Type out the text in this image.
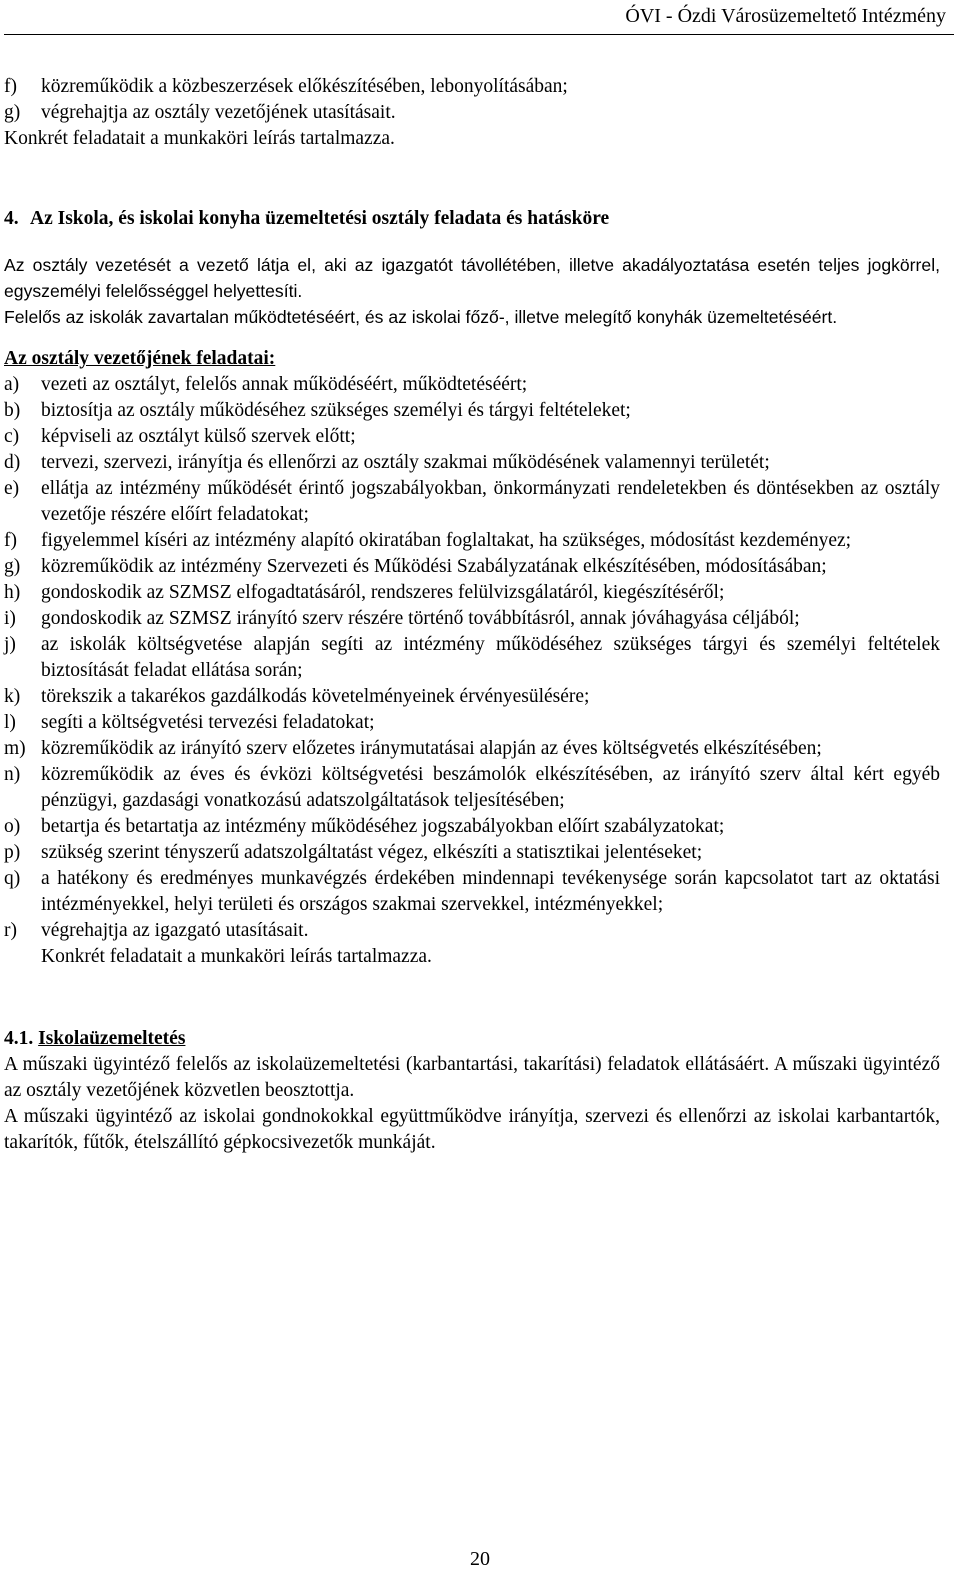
ÓVI - Ózdi Városüzemeltető Intézmény
f) közreműködik a közbeszerzések előkészítésében, lebonyolításában;
g) végrehajtja az osztály vezetőjének utasításait.
Konkrét feladatait a munkaköri leírás tartalmazza.
4. Az Iskola, és iskolai konyha üzemeltetési osztály feladata és hatásköre
Az osztály vezetését a vezető látja el, aki az igazgatót távollétében, illetve akadályoztatása esetén teljes jogkörrel, egyszemélyi felelősséggel helyettesíti.
Felelős az iskolák zavartalan működtetéséért, és az iskolai főző-, illetve melegítő konyhák üzemeltetéséért.
Az osztály vezetőjének feladatai:
a) vezeti az osztályt, felelős annak működéséért, működtetéséért;
b) biztosítja az osztály működéséhez szükséges személyi és tárgyi feltételeket;
c) képviseli az osztályt külső szervek előtt;
d) tervezi, szervezi, irányítja és ellenőrzi az osztály szakmai működésének valamennyi területét;
e) ellátja az intézmény működését érintő jogszabályokban, önkormányzati rendeletekben és döntésekben az osztály vezetője részére előírt feladatokat;
f) figyelemmel kíséri az intézmény alapító okiratában foglaltakat, ha szükséges, módosítást kezdeményez;
g) közreműködik az intézmény Szervezeti és Működési Szabályzatának elkészítésében, módosításában;
h) gondoskodik az SZMSZ elfogadtatásáról, rendszeres felülvizsgálatáról, kiegészítéséről;
i) gondoskodik az SZMSZ irányító szerv részére történő továbbításról, annak jóváhagyása céljából;
j) az iskolák költségvetése alapján segíti az intézmény működéséhez szükséges tárgyi és személyi feltételek biztosítását feladat ellátása során;
k) törekszik a takarékos gazdálkodás követelményeinek érvényesülésére;
l) segíti a költségvetési tervezési feladatokat;
m) közreműködik az irányító szerv előzetes iránymutatásai alapján az éves költségvetés elkészítésében;
n) közreműködik az éves és évközi költségvetési beszámolók elkészítésében, az irányító szerv által kért egyéb pénzügyi, gazdasági vonatkozású adatszolgáltatások teljesítésében;
o) betartja és betartatja az intézmény működéséhez jogszabályokban előírt szabályzatokat;
p) szükség szerint tényszerű adatszolgáltatást végez, elkészíti a statisztikai jelentéseket;
q) a hatékony és eredményes munkavégzés érdekében mindennapi tevékenysége során kapcsolatot tart az oktatási intézményekkel, helyi területi és országos szakmai szervekkel, intézményekkel;
r) végrehajtja az igazgató utasításait.
Konkrét feladatait a munkaköri leírás tartalmazza.
4.1. Iskolaüzemeltetés
A műszaki ügyintéző felelős az iskolaüzemeltetési (karbantartási, takarítási) feladatok ellátásáért. A műszaki ügyintéző az osztály vezetőjének közvetlen beosztottja.
A műszaki ügyintéző az iskolai gondnokokkal együttműködve irányítja, szervezi és ellenőrzi az iskolai karbantartók, takarítók, fűtők, ételszállító gépkocsivezetők munkáját.
20
